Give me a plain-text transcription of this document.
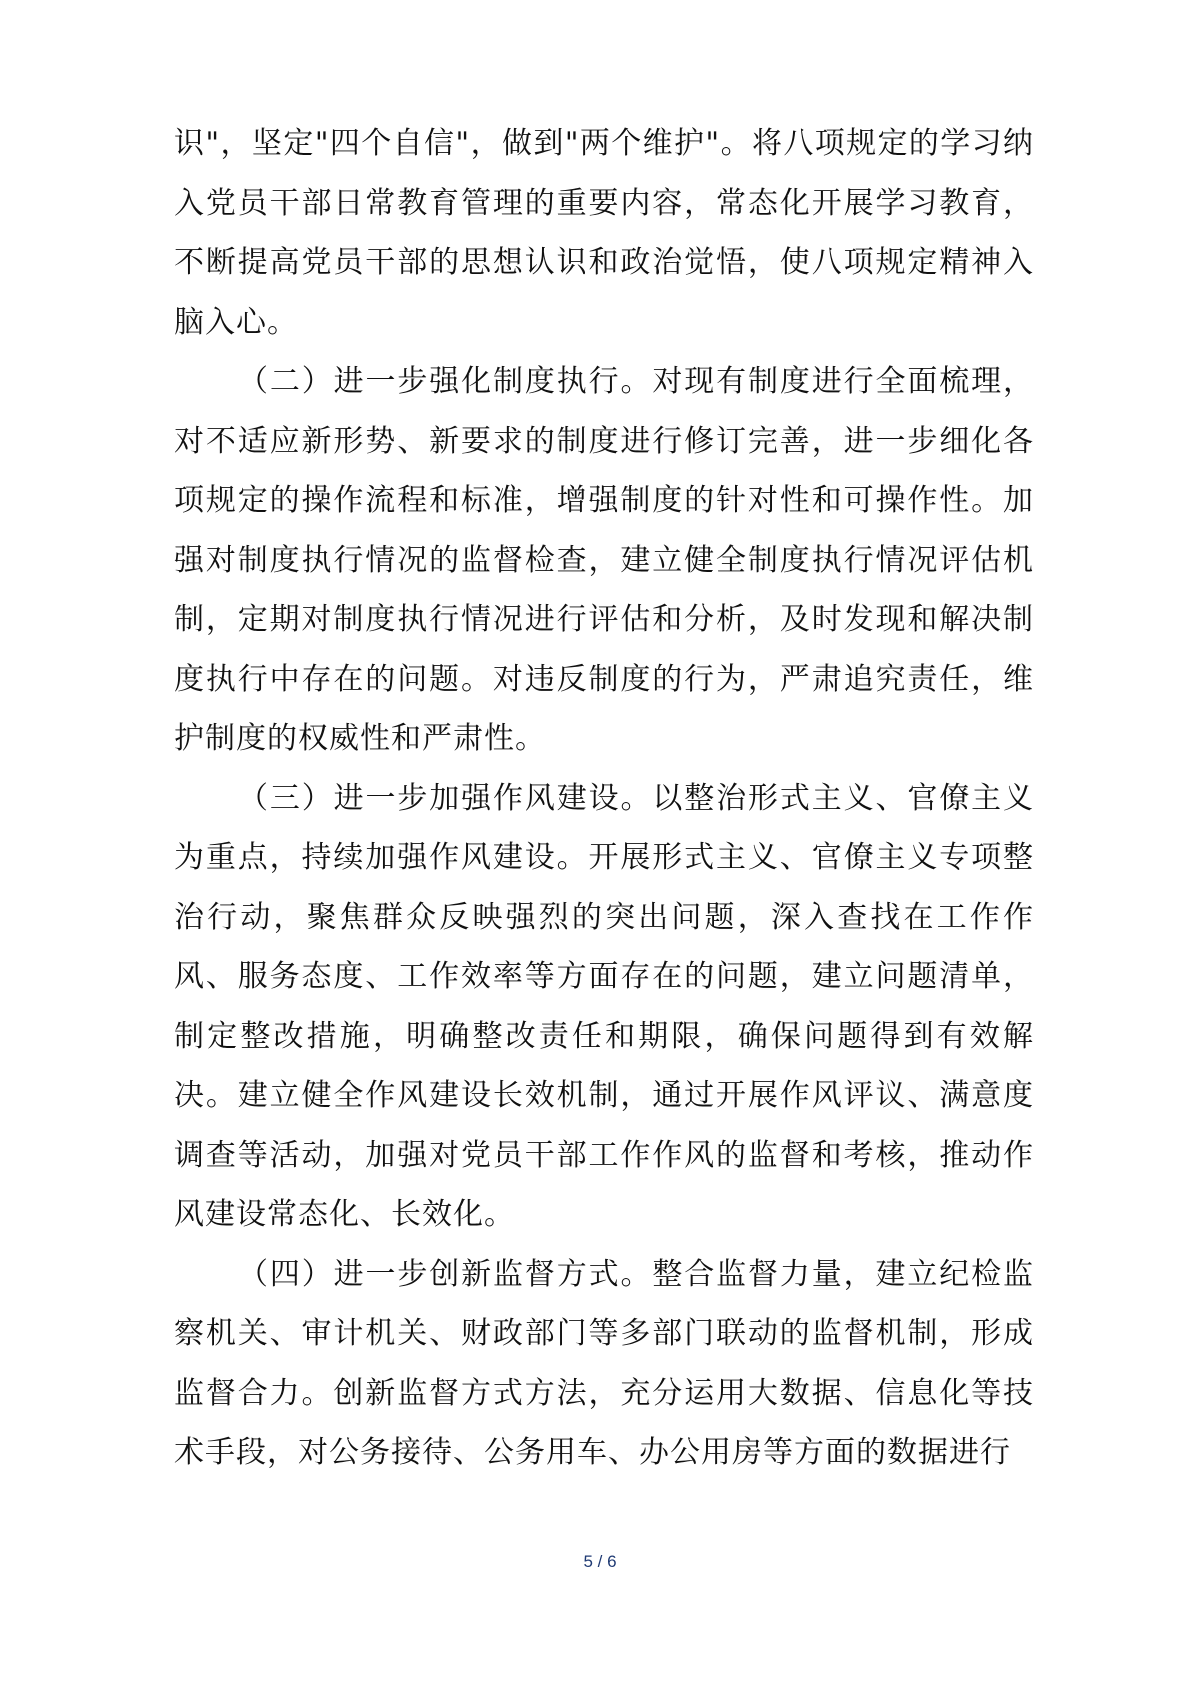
识"，坚定"四个自信"，做到"两个维护"。将八项规定的学习纳入党员干部日常教育管理的重要内容，常态化开展学习教育，不断提高党员干部的思想认识和政治觉悟，使八项规定精神入脑入心。

（二）进一步强化制度执行。对现有制度进行全面梳理，对不适应新形势、新要求的制度进行修订完善，进一步细化各项规定的操作流程和标准，增强制度的针对性和可操作性。加强对制度执行情况的监督检查，建立健全制度执行情况评估机制，定期对制度执行情况进行评估和分析，及时发现和解决制度执行中存在的问题。对违反制度的行为，严肃追究责任，维护制度的权威性和严肃性。

（三）进一步加强作风建设。以整治形式主义、官僚主义为重点，持续加强作风建设。开展形式主义、官僚主义专项整治行动，聚焦群众反映强烈的突出问题，深入查找在工作作风、服务态度、工作效率等方面存在的问题，建立问题清单，制定整改措施，明确整改责任和期限，确保问题得到有效解决。建立健全作风建设长效机制，通过开展作风评议、满意度调查等活动，加强对党员干部工作作风的监督和考核，推动作风建设常态化、长效化。

（四）进一步创新监督方式。整合监督力量，建立纪检监察机关、审计机关、财政部门等多部门联动的监督机制，形成监督合力。创新监督方式方法，充分运用大数据、信息化等技术手段，对公务接待、公务用车、办公用房等方面的数据进行

5 / 6
